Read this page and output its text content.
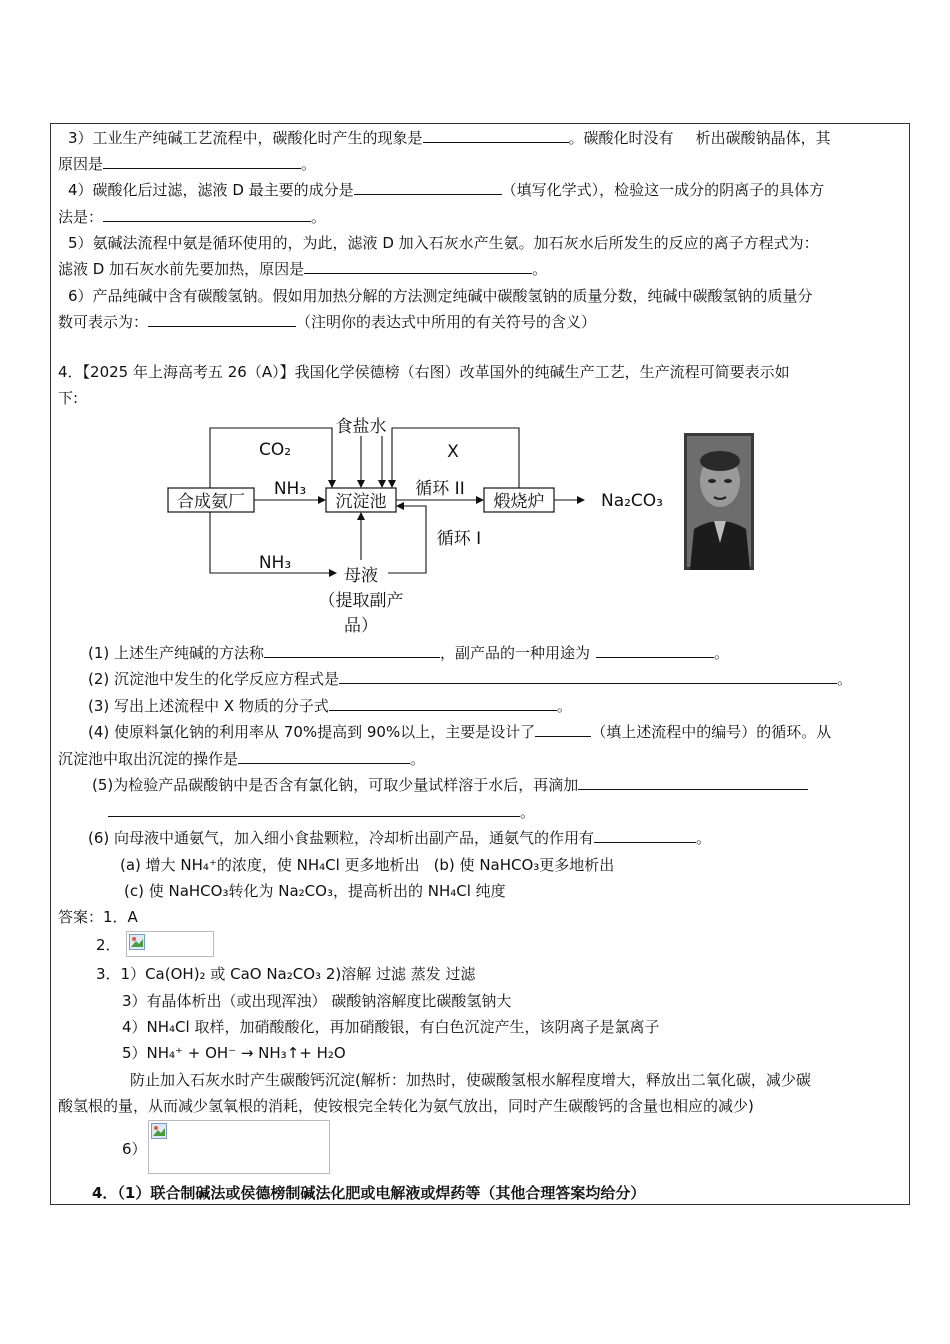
3）工业生产纯碱工艺流程中，碳酸化时产生的现象是	。碳酸化时没有 析出碳酸钠晶体，其
原因是	。
4）碳酸化后过滤，滤液 D 最主要的成分是	（填写化学式），检验这一成分的阴离子的具体方
法是：	。
5）氨碱法流程中氨是循环使用的，为此，滤液 D 加入石灰水产生氨。加石灰水后所发生的反应的离子方程式为：
滤液 D 加石灰水前先要加热，原因是	。
6）产品纯碱中含有碳酸氢钠。假如用加热分解的方法测定纯碱中碳酸氢钠的质量分数，纯碱中碳酸氢钠的质量分
数可表示为：	（注明你的表达式中所用的有关符号的含义）
4．【2025 年上海高考五 26（A）】我国化学侯德榜（右图）改革国外的纯碱生产工艺，生产流程可简要表示如
下:
合成氨厂	沉淀池	煅烧炉
食盐水
CO₂	X
NH₃	循环 II
循环 I
Na₂CO₃
NH₃
母液
（提取副产
品）
(1) 上述生产纯碱的方法称	，副产品的一种用途为	。
(2) 沉淀池中发生的化学反应方程式是	。
(3) 写出上述流程中 X 物质的分子式	。
(4) 使原料氯化钠的利用率从 70%提高到 90%以上，主要是设计了	（填上述流程中的编号）的循环。从
沉淀池中取出沉淀的操作是	。
(5)为检验产品碳酸钠中是否含有氯化钠，可取少量试样溶于水后，再滴加
。
(6) 向母液中通氨气，加入细小食盐颗粒，冷却析出副产品，通氨气的作用有	。
(a) 增大 NH₄⁺的浓度，使 NH₄Cl 更多地析出 (b) 使 NaHCO₃更多地析出
(c) 使 NaHCO₃转化为 Na₂CO₃，提高析出的 NH₄Cl 纯度
答案：1．A
2．
3．1）Ca(OH)₂ 或 CaO Na₂CO₃ 2)溶解 过滤 蒸发 过滤
3）有晶体析出（或出现浑浊） 碳酸钠溶解度比碳酸氢钠大
4）NH₄Cl 取样，加硝酸酸化，再加硝酸银，有白色沉淀产生，该阴离子是氯离子
5）NH₄⁺ + OH⁻ → NH₃↑+ H₂O
防止加入石灰水时产生碳酸钙沉淀(解析：加热时，使碳酸氢根水解程度增大，释放出二氧化碳，减少碳
酸氢根的量，从而减少氢氧根的消耗，使铵根完全转化为氨气放出，同时产生碳酸钙的含量也相应的减少)
6）
4．（1）联合制碱法或侯德榜制碱法化肥或电解液或焊药等（其他合理答案均给分）
